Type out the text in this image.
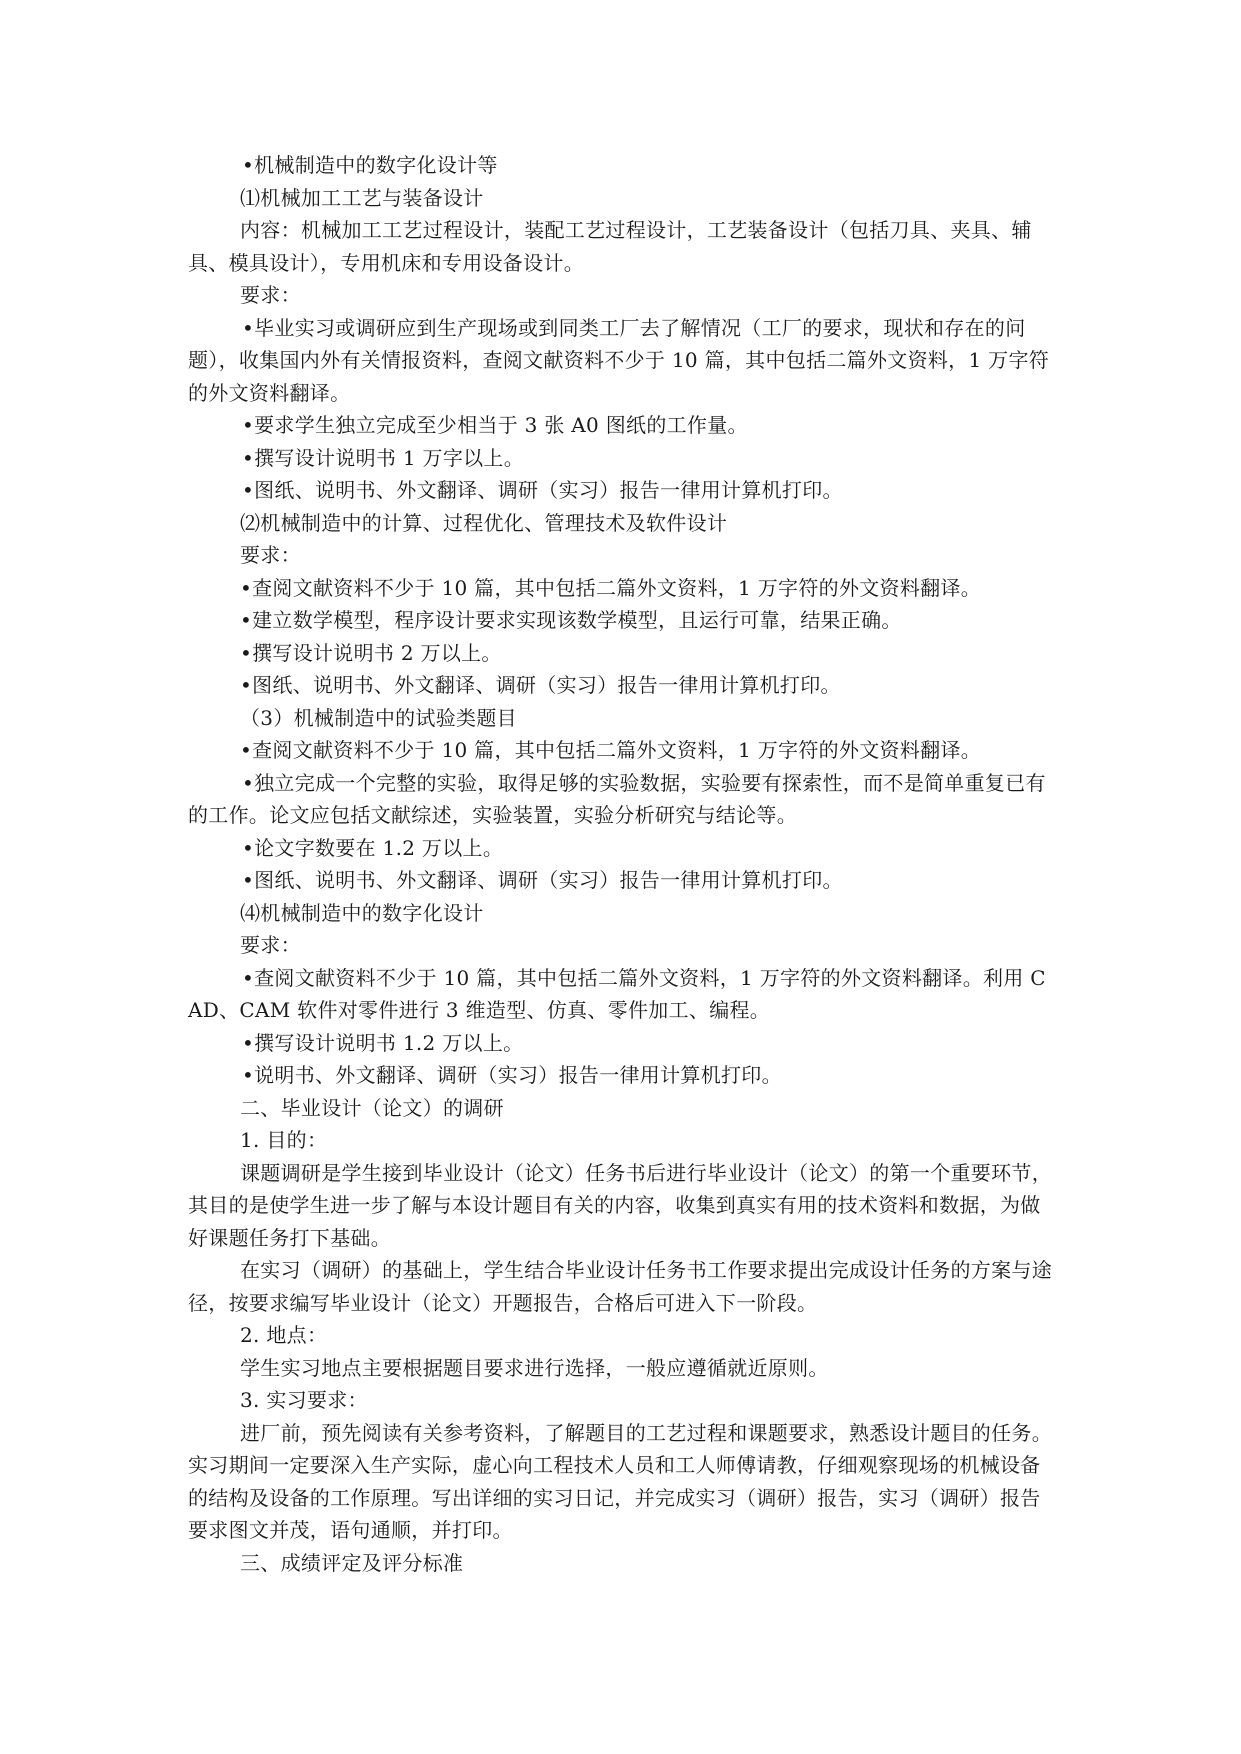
•机械制造中的数字化设计等

⑴机械加工工艺与装备设计

内容：机械加工工艺过程设计，装配工艺过程设计，工艺装备设计（包括刀具、夹具、辅具、模具设计），专用机床和专用设备设计。

要求：

•毕业实习或调研应到生产现场或到同类工厂去了解情况（工厂的要求，现状和存在的问题），收集国内外有关情报资料，查阅文献资料不少于 10 篇，其中包括二篇外文资料，1 万字符的外文资料翻译。

•要求学生独立完成至少相当于 3 张 A0 图纸的工作量。

•撰写设计说明书 1 万字以上。

•图纸、说明书、外文翻译、调研（实习）报告一律用计算机打印。

⑵机械制造中的计算、过程优化、管理技术及软件设计

要求：

•查阅文献资料不少于 10 篇，其中包括二篇外文资料，1 万字符的外文资料翻译。

•建立数学模型，程序设计要求实现该数学模型，且运行可靠，结果正确。

•撰写设计说明书 2 万以上。

•图纸、说明书、外文翻译、调研（实习）报告一律用计算机打印。

（3）机械制造中的试验类题目

•查阅文献资料不少于 10 篇，其中包括二篇外文资料，1 万字符的外文资料翻译。

•独立完成一个完整的实验，取得足够的实验数据，实验要有探索性，而不是简单重复已有的工作。论文应包括文献综述，实验装置，实验分析研究与结论等。

•论文字数要在 1.2 万以上。

•图纸、说明书、外文翻译、调研（实习）报告一律用计算机打印。

⑷机械制造中的数字化设计

要求：

•查阅文献资料不少于 10 篇，其中包括二篇外文资料，1 万字符的外文资料翻译。利用 CAD、CAM 软件对零件进行 3 维造型、仿真、零件加工、编程。

•撰写设计说明书 1.2 万以上。

•说明书、外文翻译、调研（实习）报告一律用计算机打印。

二、毕业设计（论文）的调研

1. 目的：

课题调研是学生接到毕业设计（论文）任务书后进行毕业设计（论文）的第一个重要环节，其目的是使学生进一步了解与本设计题目有关的内容，收集到真实有用的技术资料和数据，为做好课题任务打下基础。

在实习（调研）的基础上，学生结合毕业设计任务书工作要求提出完成设计任务的方案与途径，按要求编写毕业设计（论文）开题报告，合格后可进入下一阶段。

2. 地点：

学生实习地点主要根据题目要求进行选择，一般应遵循就近原则。

3. 实习要求：

进厂前，预先阅读有关参考资料，了解题目的工艺过程和课题要求，熟悉设计题目的任务。实习期间一定要深入生产实际，虚心向工程技术人员和工人师傅请教，仔细观察现场的机械设备的结构及设备的工作原理。写出详细的实习日记，并完成实习（调研）报告，实习（调研）报告要求图文并茂，语句通顺，并打印。

三、成绩评定及评分标准
